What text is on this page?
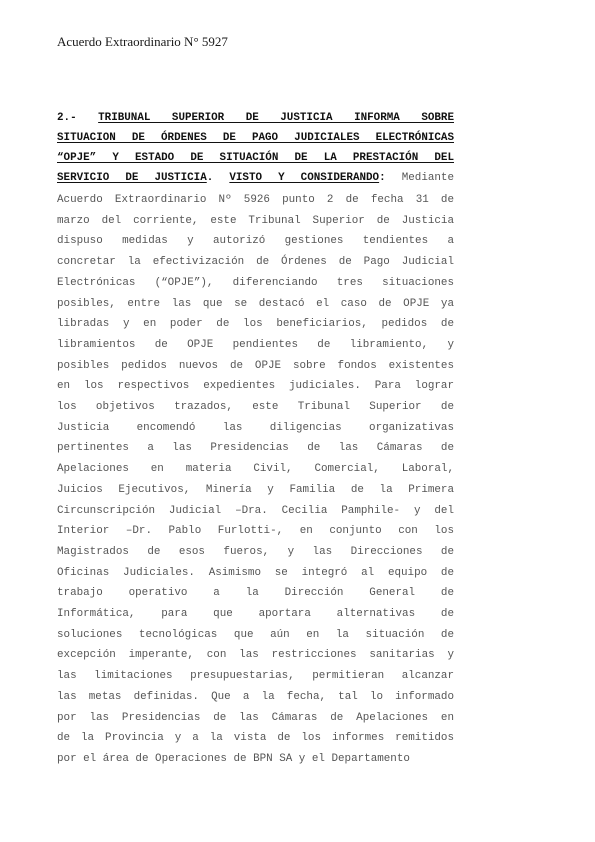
Acuerdo Extraordinario N° 5927
2.- TRIBUNAL SUPERIOR DE JUSTICIA INFORMA SOBRE
SITUACION DE ÓRDENES DE PAGO JUDICIALES ELECTRÓNICAS
“OPJE” Y ESTADO DE SITUACIÓN DE LA PRESTACIÓN DEL
SERVICIO DE JUSTICIA. VISTO Y CONSIDERANDO: Mediante
Acuerdo Extraordinario Nº 5926 punto 2 de fecha 31 de
marzo del corriente, este Tribunal Superior de Justicia
dispuso medidas y autorizó gestiones tendientes a
concretar la efectivización de Órdenes de Pago Judicial
Electrónicas (“OPJE”), diferenciando tres situaciones
posibles, entre las que se destacó el caso de OPJE ya
libradas y en poder de los beneficiarios, pedidos de
libramientos de OPJE pendientes de libramiento, y
posibles pedidos nuevos de OPJE sobre fondos existentes
en los respectivos expedientes judiciales. Para lograr
los objetivos trazados, este Tribunal Superior de
Justicia encomendó las diligencias organizativas
pertinentes a las Presidencias de las Cámaras de
Apelaciones en materia Civil, Comercial, Laboral,
Juicios Ejecutivos, Minería y Familia de la Primera
Circunscripción Judicial –Dra. Cecilia Pamphile- y del
Interior –Dr. Pablo Furlotti-, en conjunto con los
Magistrados de esos fueros, y las Direcciones de
Oficinas Judiciales. Asimismo se integró al equipo de
trabajo operativo a la Dirección General de
Informática, para que aportara alternativas de
soluciones tecnológicas que aún en la situación de
excepción imperante, con las restricciones sanitarias y
las limitaciones presupuestarias, permitieran alcanzar
las metas definidas. Que a la fecha, tal lo informado
por las Presidencias de las Cámaras de Apelaciones en
de la Provincia y a la vista de los informes remitidos
por el área de Operaciones de BPN SA y el Departamento
